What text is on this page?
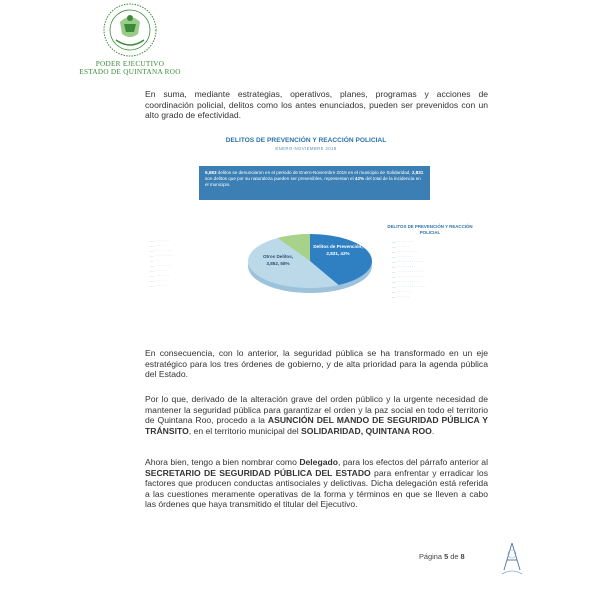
PODER EJECUTIVO
ESTADO DE QUINTANA ROO
En suma, mediante estrategias, operativos, planes, programas y acciones de coordinación policial, delitos como los antes enunciados, pueden ser prevenidos con un alto grado de efectividad.
DELITOS DE PREVENCIÓN Y REACCIÓN POLICIAL
ENERO-NOVIEMBRE 2018
6,683 delitos se denunciaron en el periodo de Enero-Noviembre 2018 en el municipio de Solidaridad, 2,831 son delitos que por su naturaleza pueden ser prevenibles, representan el 42% del total de la incidencia en el municipio.
— · · · · · · ·
— · · · · ·
— · · · · · · · ·
— · · · · · · · · · ·
— · · · ·
— · · · · · · · ·
— · · · · · ·
— · · · · · · ·
— · · · · ·
— · · · · · ·
Delitos de Prevención,
2,831, 42%
Otros Delitos,
3,852, 58%
DELITOS DE PREVENCIÓN Y REACCIÓN POLICIAL
— · · · · · · · ·
— · · · · · ·
— · · · · · · · · · ·
— · · · · · · ·
— · · · · · · · · · · · · · ·
— · · · · · · · · ·
— · · · · · · · · · · · ·
— · · · · · · · · · · · · ·
— · · · · · · · · · · ·
— · · · · · · · · · · · · · ·
— · · · · · · ·
— · · · · · ·
En consecuencia, con lo anterior, la seguridad pública se ha transformado en un eje estratégico para los tres órdenes de gobierno, y de alta prioridad para la agenda pública del Estado.
Por lo que, derivado de la alteración grave del orden público y la urgente necesidad de mantener la seguridad pública para garantizar el orden y la paz social en todo el territorio de Quintana Roo, procedo a la ASUNCIÓN DEL MANDO DE SEGURIDAD PÚBLICA Y TRÁNSITO, en el territorio municipal del SOLIDARIDAD, QUINTANA ROO.
Ahora bien, tengo a bien nombrar como Delegado, para los efectos del párrafo anterior al SECRETARIO DE SEGURIDAD PÚBLICA DEL ESTADO para enfrentar y erradicar los factores que producen conductas antisociales y delictivas. Dicha delegación está referida a las cuestiones meramente operativas de la forma y términos en que se lleven a cabo las órdenes que haya transmitido el titular del Ejecutivo.
Página 5 de 8
